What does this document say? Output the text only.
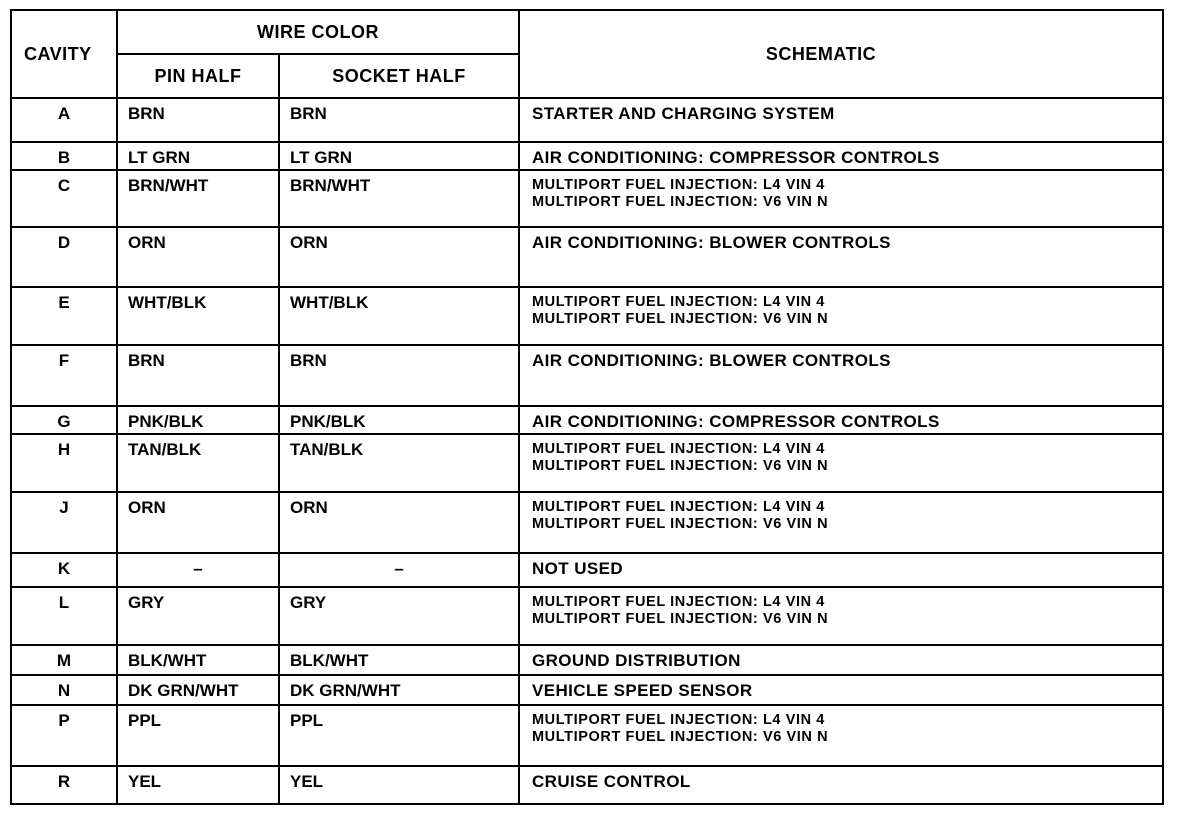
CAVITY	WIRE COLOR		SCHEMATIC
	PIN HALF	SOCKET HALF	

A	BRN	BRN	STARTER AND CHARGING SYSTEM

B	LT GRN	LT GRN	AIR CONDITIONING: COMPRESSOR CONTROLS

C	BRN/WHT	BRN/WHT	MULTIPORT FUEL INJECTION: L4 VIN 4
MULTIPORT FUEL INJECTION: V6 VIN N

D	ORN	ORN	AIR CONDITIONING: BLOWER CONTROLS

E	WHT/BLK	WHT/BLK	MULTIPORT FUEL INJECTION: L4 VIN 4
MULTIPORT FUEL INJECTION: V6 VIN N

F	BRN	BRN	AIR CONDITIONING: BLOWER CONTROLS

G	PNK/BLK	PNK/BLK	AIR CONDITIONING: COMPRESSOR CONTROLS

H	TAN/BLK	TAN/BLK	MULTIPORT FUEL INJECTION: L4 VIN 4
MULTIPORT FUEL INJECTION: V6 VIN N

J	ORN	ORN	MULTIPORT FUEL INJECTION: L4 VIN 4
MULTIPORT FUEL INJECTION: V6 VIN N

K	–	–	NOT USED

L	GRY	GRY	MULTIPORT FUEL INJECTION: L4 VIN 4
MULTIPORT FUEL INJECTION: V6 VIN N

M	BLK/WHT	BLK/WHT	GROUND DISTRIBUTION

N	DK GRN/WHT	DK GRN/WHT	VEHICLE SPEED SENSOR

P	PPL	PPL	MULTIPORT FUEL INJECTION: L4 VIN 4
MULTIPORT FUEL INJECTION: V6 VIN N

R	YEL	YEL	CRUISE CONTROL
